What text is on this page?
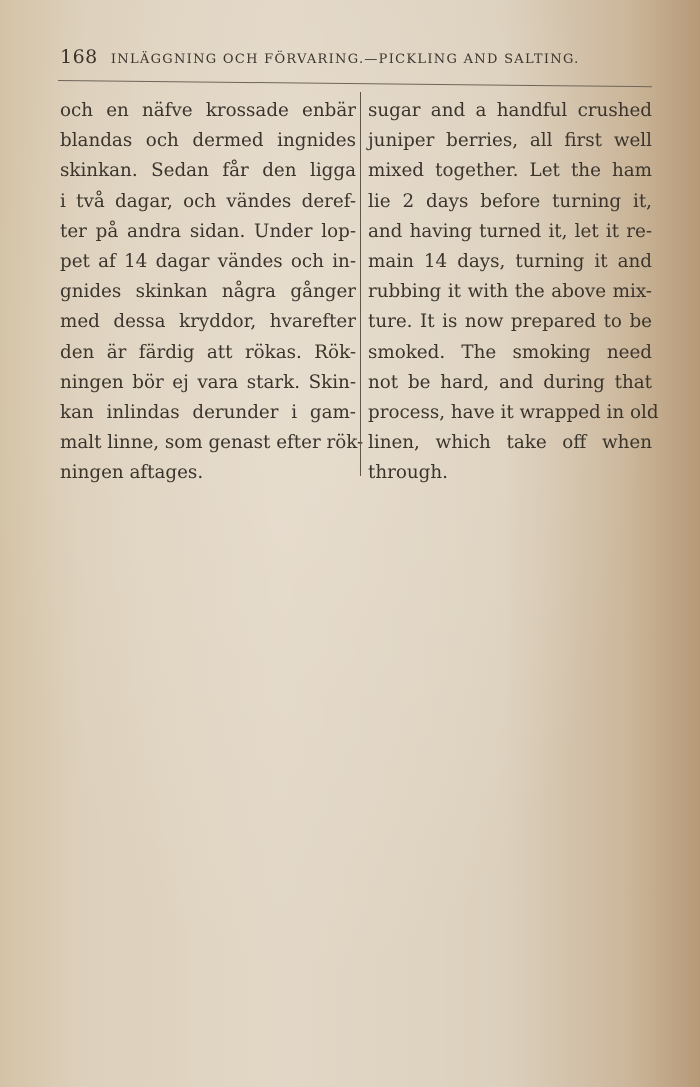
168 INLÄGGNING OCH FÖRVARING.—PICKLING AND SALTING.
och en näfve krossade enbär
blandas och dermed ingnides
skinkan. Sedan får den ligga
i två dagar, och vändes deref-
ter på andra sidan. Under lop-
pet af 14 dagar vändes och in-
gnides skinkan några gånger
med dessa kryddor, hvarefter
den är färdig att rökas. Rök-
ningen bör ej vara stark. Skin-
kan inlindas derunder i gam-
malt linne, som genast efter rök-
ningen aftages.
sugar and a handful crushed
juniper berries, all first well
mixed together. Let the ham
lie 2 days before turning it,
and having turned it, let it re-
main 14 days, turning it and
rubbing it with the above mix-
ture. It is now prepared to be
smoked. The smoking need
not be hard, and during that
process, have it wrapped in old
linen, which take off when
through.
